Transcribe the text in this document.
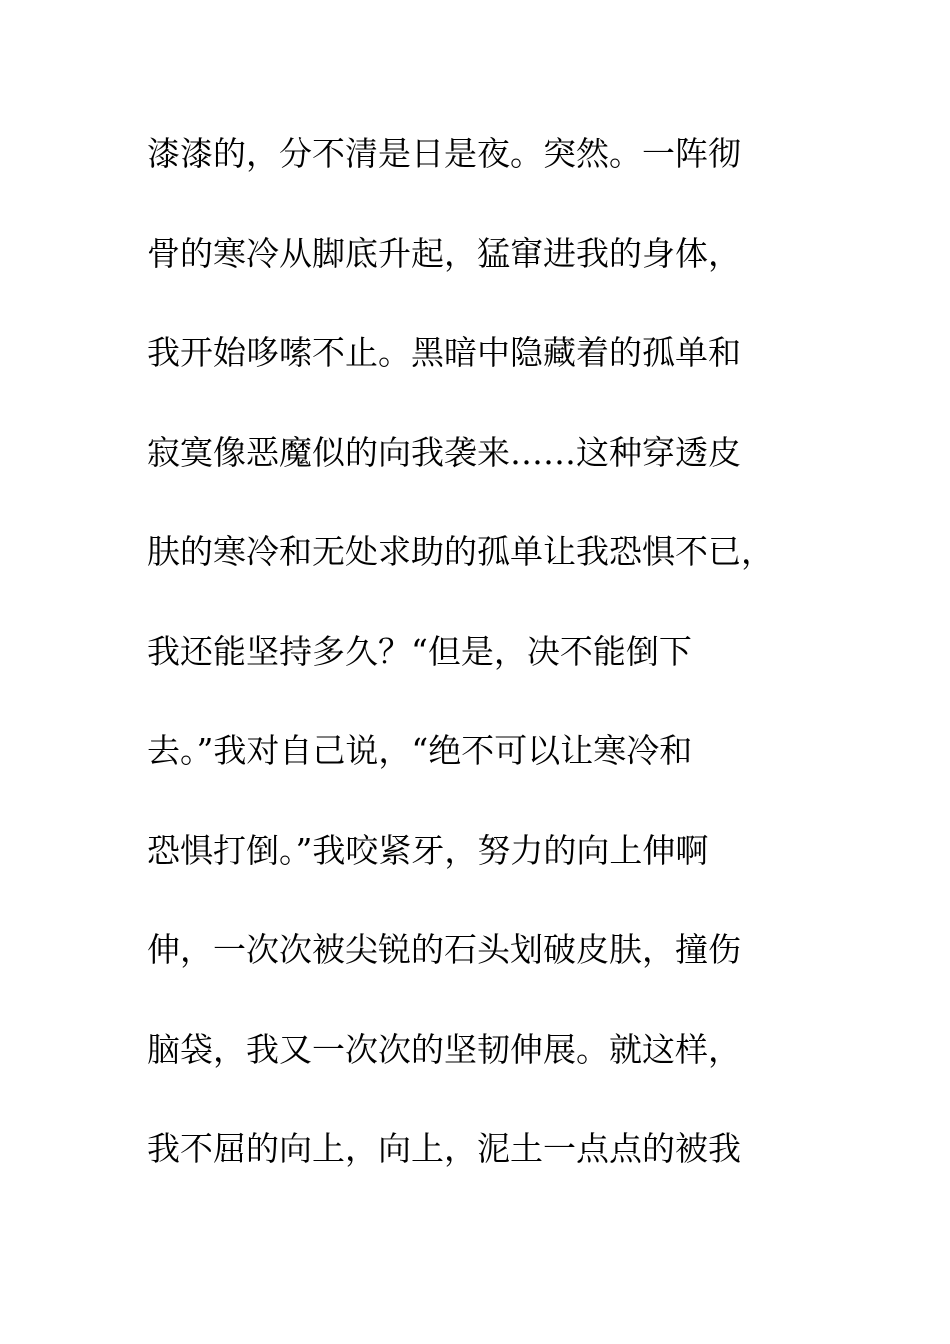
漆漆的，分不清是日是夜。突然。一阵彻
骨的寒冷从脚底升起，猛窜进我的身体，
我开始哆嗦不止。黑暗中隐藏着的孤单和
寂寞像恶魔似的向我袭来……这种穿透皮
肤的寒冷和无处求助的孤单让我恐惧不已，
我还能坚持多久？“但是，决不能倒下
去。”我对自己说，“绝不可以让寒冷和
恐惧打倒。”我咬紧牙，努力的向上伸啊
伸，一次次被尖锐的石头划破皮肤，撞伤
脑袋，我又一次次的坚韧伸展。就这样，
我不屈的向上，向上，泥土一点点的被我
